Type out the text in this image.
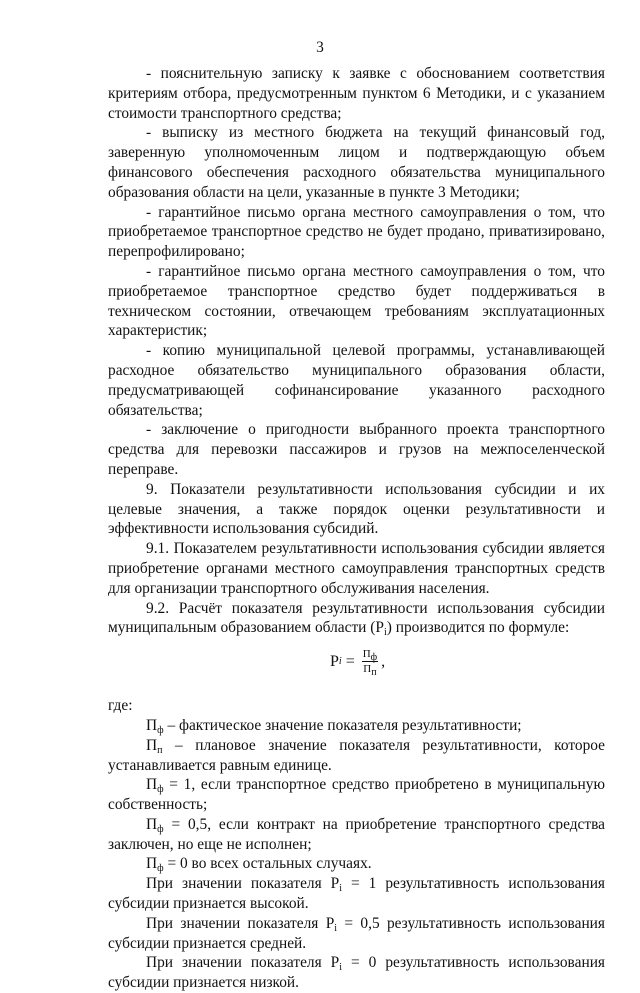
3

- пояснительную записку к заявке с обоснованием соответствия критериям отбора, предусмотренным пунктом 6 Методики, и с указанием стоимости транспортного средства;

- выписку из местного бюджета на текущий финансовый год, заверенную уполномоченным лицом и подтверждающую объем финансового обеспечения расходного обязательства муниципального образования области на цели, указанные в пункте 3 Методики;

- гарантийное письмо органа местного самоуправления о том, что приобретаемое транспортное средство не будет продано, приватизировано, перепрофилировано;

- гарантийное письмо органа местного самоуправления о том, что приобретаемое транспортное средство будет поддерживаться в техническом состоянии, отвечающем требованиям эксплуатационных характеристик;

- копию муниципальной целевой программы, устанавливающей расходное обязательство муниципального образования области, предусматривающей софинансирование указанного расходного обязательства;

- заключение о пригодности выбранного проекта транспортного средства для перевозки пассажиров и грузов на межпоселенческой переправе.

9. Показатели результативности использования субсидии и их целевые значения, а также порядок оценки результативности и эффективности использования субсидий.

9.1. Показателем результативности использования субсидии является приобретение органами местного самоуправления транспортных средств для организации транспортного обслуживания населения.

9.2. Расчёт показателя результативности использования субсидии муниципальным образованием области $(Р_i)$ производится по формуле:

Р $i = \frac{П_ф}{П_п}$ ,

где:

$П_ф$ – фактическое значение показателя результативности;

$П_п$ – плановое значение показателя результативности, которое устанавливается равным единице.

$П_ф = 1$, если транспортное средство приобретено в муниципальную собственность;

$П_ф = 0,5$, если контракт на приобретение транспортного средства заключен, но еще не исполнен;

$П_ф = 0$ во всех остальных случаях.

При значении показателя $Р_i = 1$ результативность использования субсидии признается высокой.

При значении показателя $Р_i = 0,5$ результативность использования субсидии признается средней.

При значении показателя $Р_i = 0$ результативность использования субсидии признается низкой.
